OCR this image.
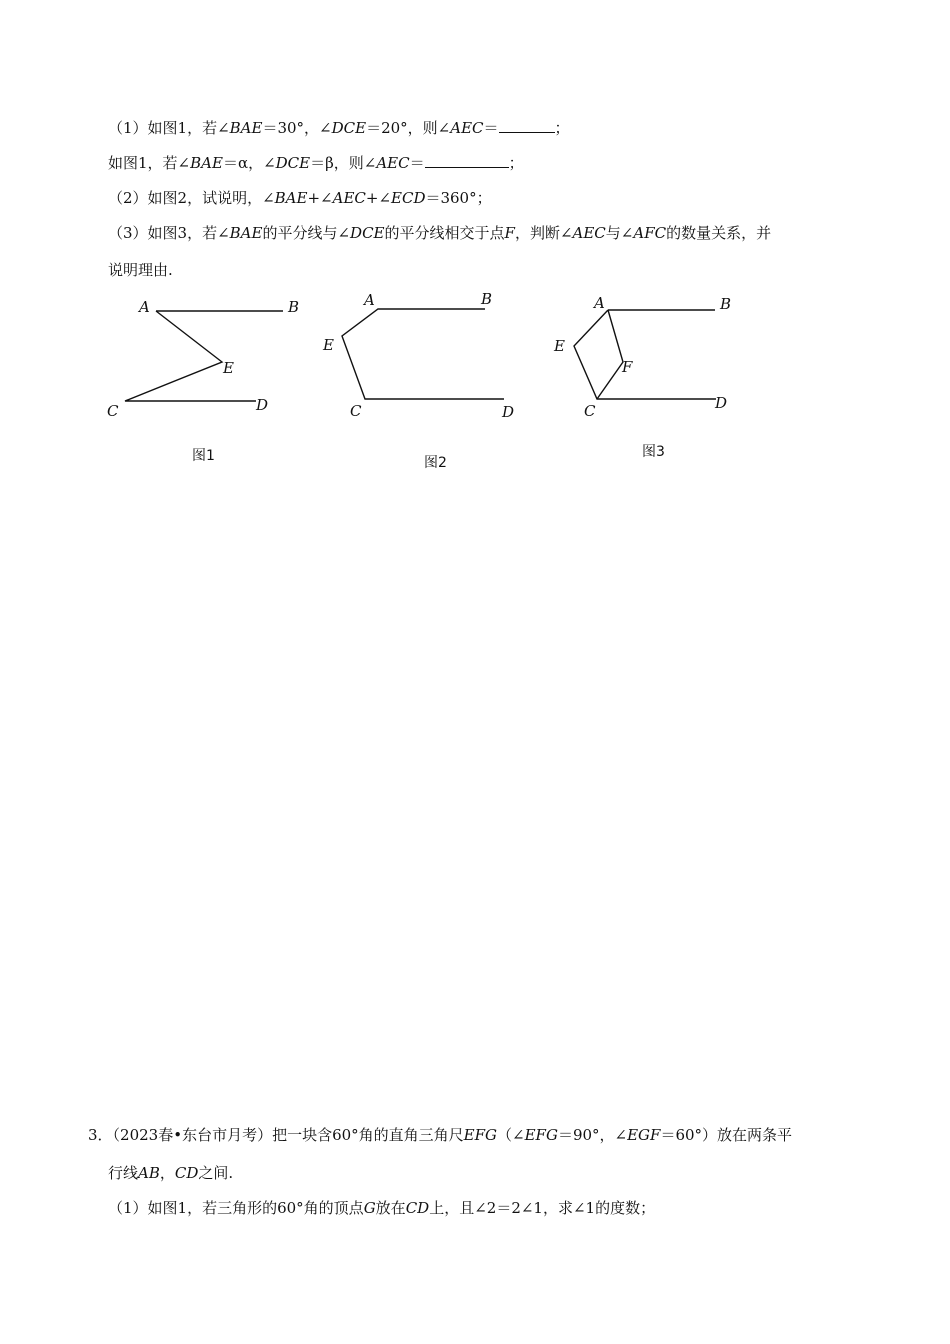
（1）如图1，若∠BAE＝30°，∠DCE＝20°，则∠AEC＝	；
如图1，若∠BAE＝α，∠DCE＝β，则∠AEC＝	；
（2）如图2，试说明，∠BAE+∠AEC+∠ECD＝360°；
（3）如图3，若∠BAE的平分线与∠DCE的平分线相交于点F，判断∠AEC与∠AFC的数量关系，并
说明理由.
A	B
E
C	D
图1
A	B
E
C	D
图2
A	B
E
F
C	D
图3
3．（2023春•东台市月考）把一块含60°角的直角三角尺EFG（∠EFG＝90°，∠EGF＝60°）放在两条平
行线AB，CD之间.
（1）如图1，若三角形的60°角的顶点G放在CD上，且∠2＝2∠1，求∠1的度数；
